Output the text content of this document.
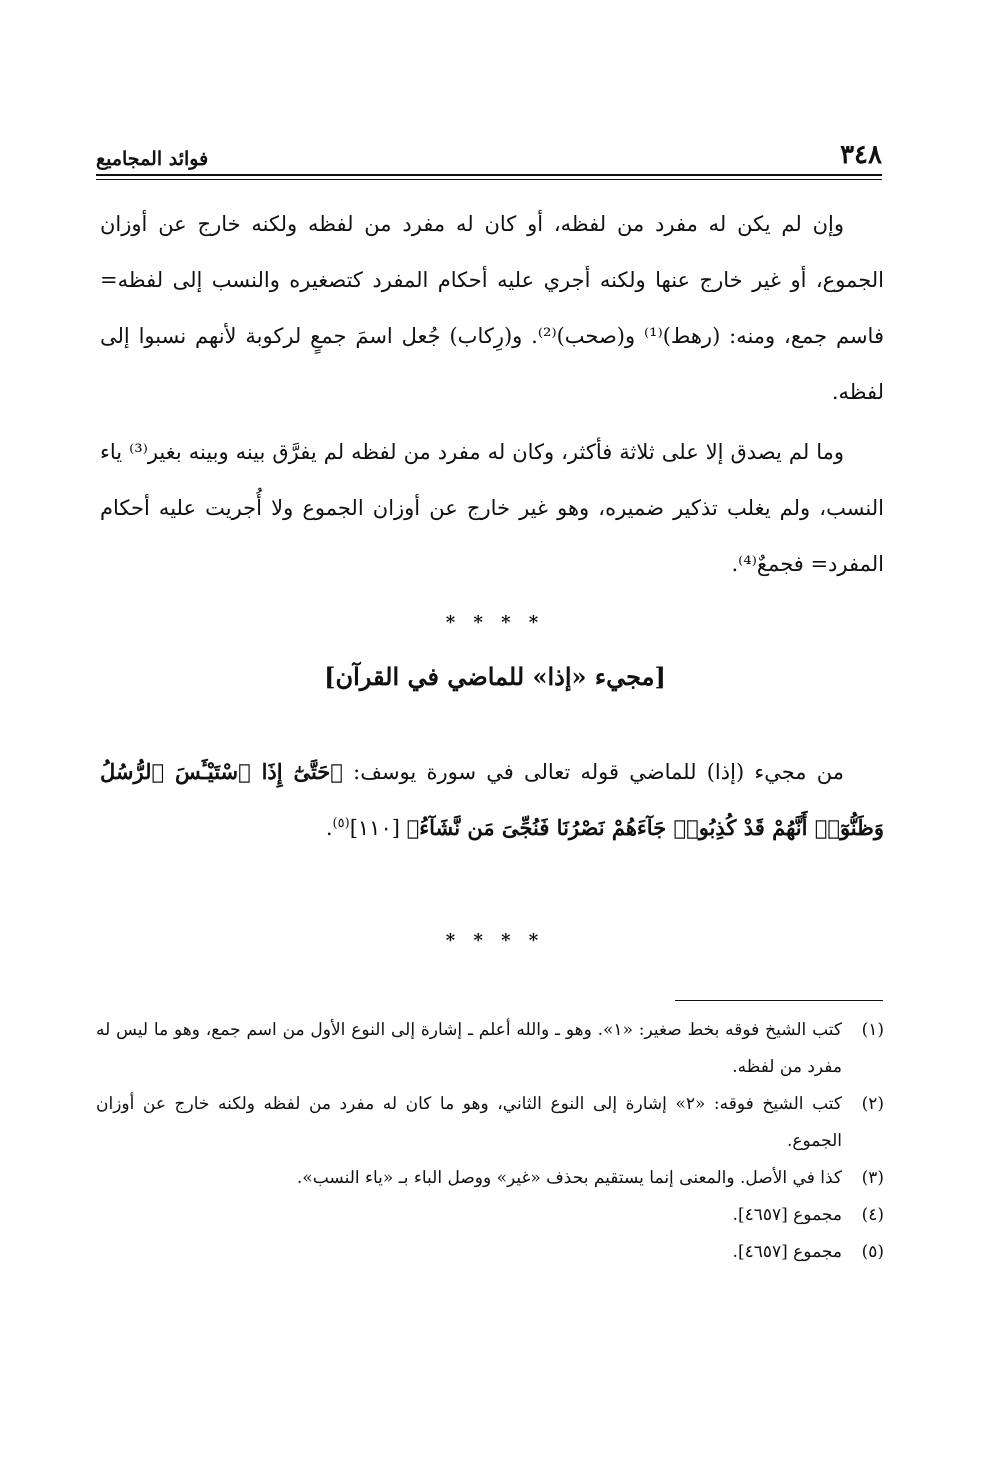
٣٤٨
فوائد المجاميع

وإن لم يكن له مفرد من لفظه، أو كان له مفرد من لفظه ولكنه خارج عن أوزان الجموع، أو غير خارج عنها ولكنه أجري عليه أحكام المفرد كتصغيره والنسب إلى لفظه= فاسم جمع، ومنه: (رهط)⁽¹⁾ و(صحب)⁽²⁾. و(رِكاب) جُعل اسمَ جمعٍ لركوبة لأنهم نسبوا إلى لفظه.

وما لم يصدق إلا على ثلاثة فأكثر، وكان له مفرد من لفظه لم يفرَّق بينه وبينه بغير⁽³⁾ ياء النسب، ولم يغلب تذكير ضميره، وهو غير خارج عن أوزان الجموع ولا أُجريت عليه أحكام المفرد= فجمعٌ⁽⁴⁾.

* * * *
[مجيء «إذا» للماضي في القرآن]

من مجيء (إذا) للماضي قوله تعالى في سورة يوسف: ﴿حَتَّىٰٓ إِذَا ٱسْتَيْـَٔسَ ٱلرُّسُلُ وَظَنُّوٓا۟ أَنَّهُمْ قَدْ كُذِبُوا۟ جَآءَهُمْ نَصْرُنَا فَنُجِّىَ مَن نَّشَآءُ﴾ [١١٠]$^{(٥)}$.

* * * *
(١)
كتب الشيخ فوقه بخط صغير: «١». وهو ـ والله أعلم ـ إشارة إلى النوع الأول من اسم جمع، وهو ما ليس له مفرد من لفظه.
(٢)
كتب الشيخ فوقه: «٢» إشارة إلى النوع الثاني، وهو ما كان له مفرد من لفظه ولكنه خارج عن أوزان الجموع.
(٣)
كذا في الأصل. والمعنى إنما يستقيم بحذف «غير» ووصل الباء بـ «ياء النسب».
(٤)
مجموع [٤٦٥٧].
(٥)
مجموع [٤٦٥٧].
